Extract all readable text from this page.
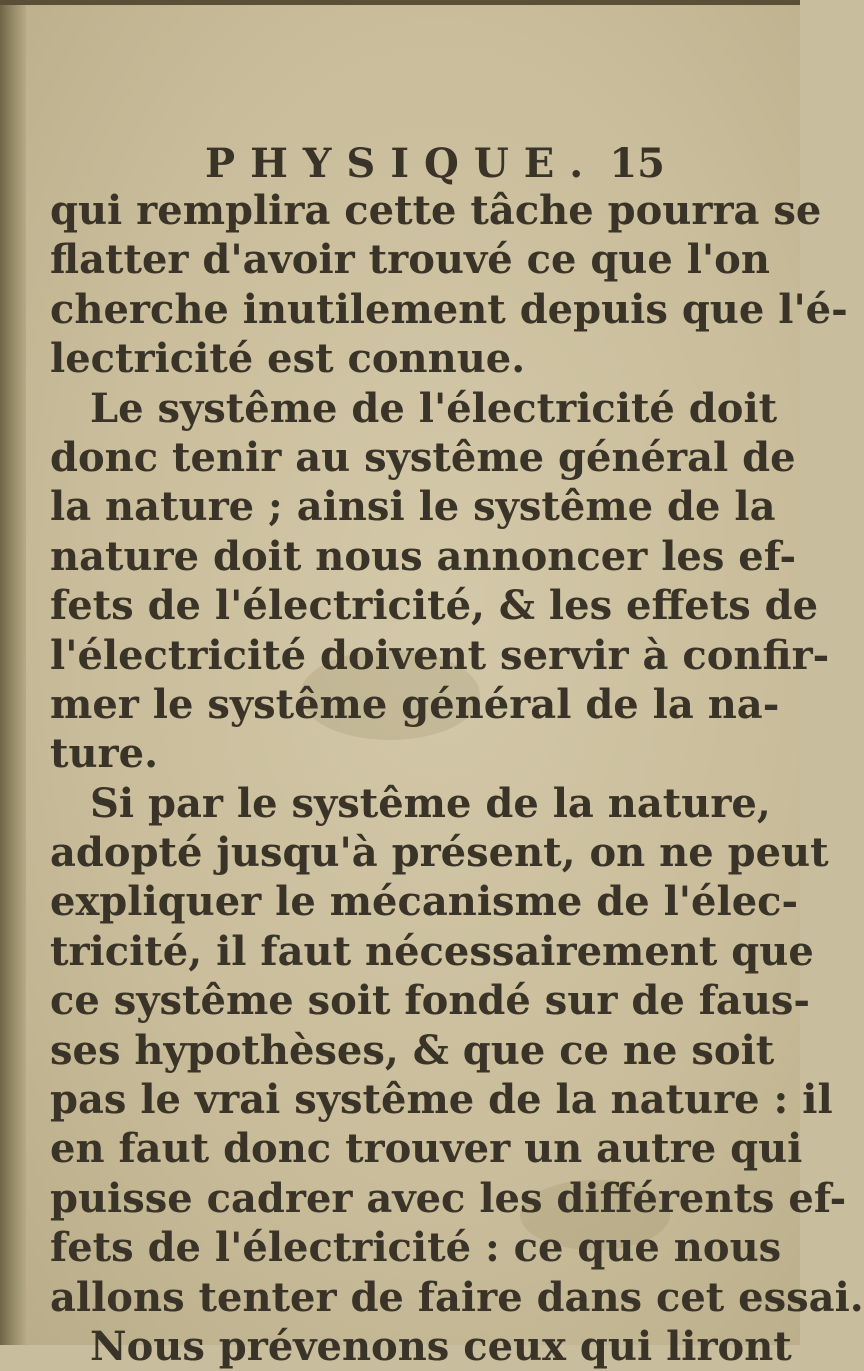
PHYSIQUE. 15
qui remplira cette tâche pourra se
flatter d'avoir trouvé ce que l'on
cherche inutilement depuis que l'é-
lectricité est connue.
Le systême de l'électricité doit
donc tenir au systême général de
la nature ; ainsi le systême de la
nature doit nous annoncer les ef-
fets de l'électricité, & les effets de
l'électricité doivent servir à confir-
mer le systême général de la na-
ture.
Si par le systême de la nature,
adopté jusqu'à présent, on ne peut
expliquer le mécanisme de l'élec-
tricité, il faut nécessairement que
ce systême soit fondé sur de faus-
ses hypothèses, & que ce ne soit
pas le vrai systême de la nature : il
en faut donc trouver un autre qui
puisse cadrer avec les différents ef-
fets de l'électricité : ce que nous
allons tenter de faire dans cet essai.
Nous prévenons ceux qui liront
